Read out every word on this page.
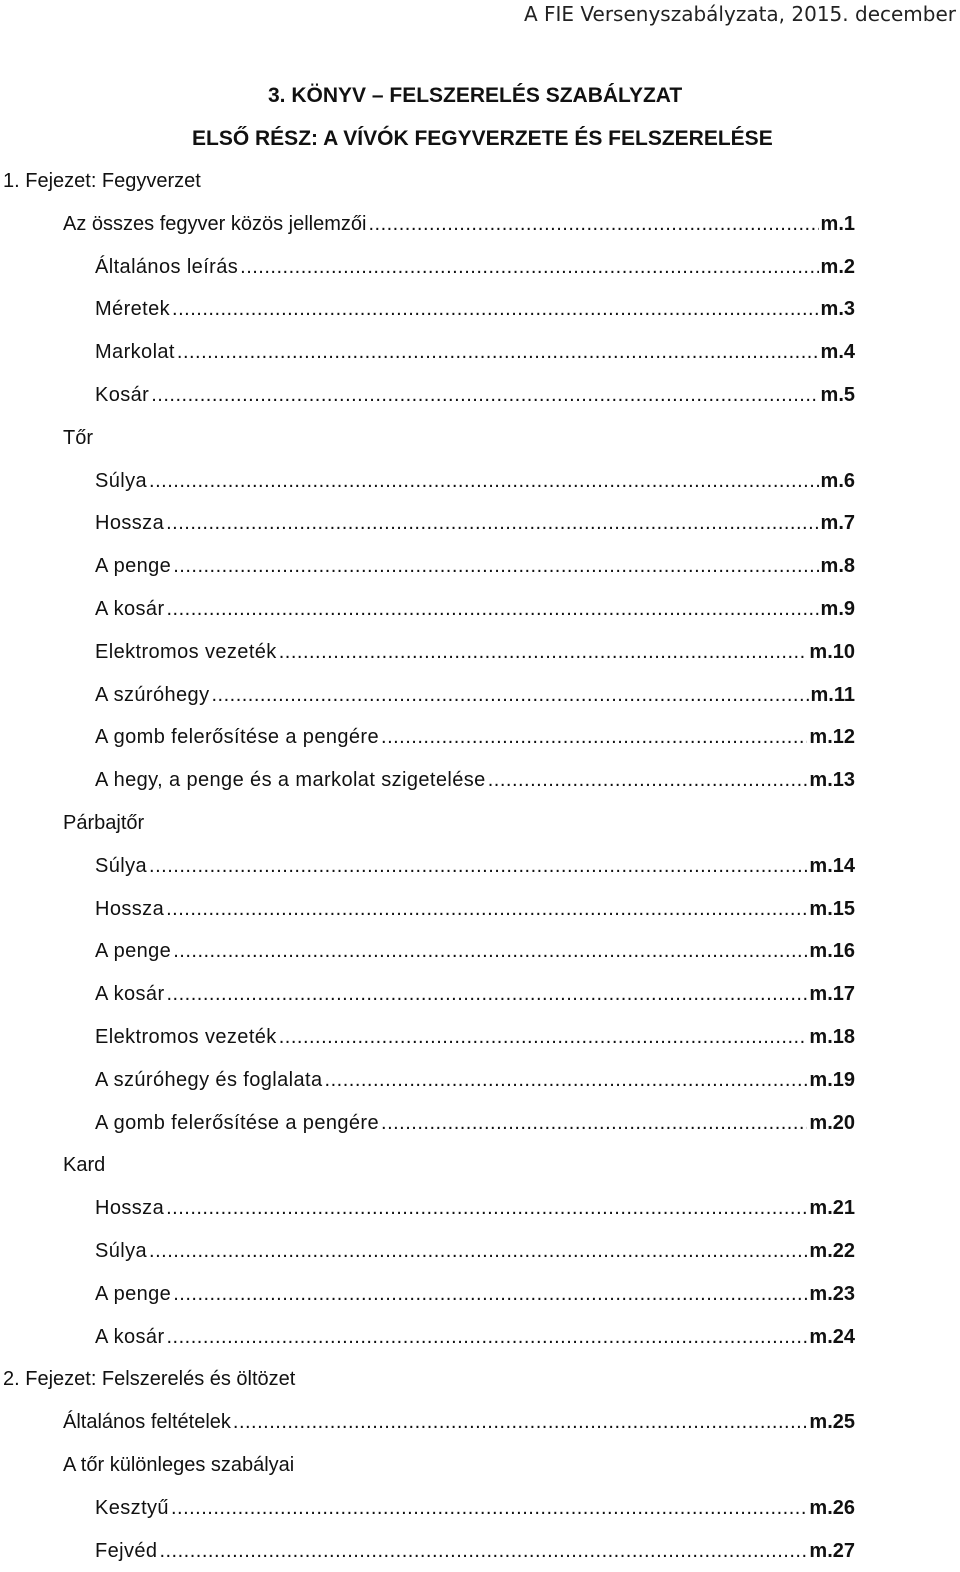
A FIE Versenyszabályzata, 2015. december
3. KÖNYV – FELSZERELÉS SZABÁLYZAT
ELSŐ RÉSZ: A VÍVÓK FEGYVERZETE ÉS FELSZERELÉSE
1. Fejezet: Fegyverzet
Az összes fegyver közös jellemzői .....	m.1
Általános leírás .....	m.2
Méretek .....	m.3
Markolat .....	m.4
Kosár .....	m.5
Tőr
Súlya .....	m.6
Hossza .....	m.7
A penge .....	m.8
A kosár .....	m.9
Elektromos vezeték .....	m.10
A szúróhegy .....	m.11
A gomb felerősítése a pengére .....	m.12
A hegy, a penge és a markolat szigetelése .....	m.13
Párbajtőr
Súlya .....	m.14
Hossza .....	m.15
A penge .....	m.16
A kosár .....	m.17
Elektromos vezeték .....	m.18
A szúróhegy és foglalata .....	m.19
A gomb felerősítése a pengére .....	m.20
Kard
Hossza .....	m.21
Súlya .....	m.22
A penge .....	m.23
A kosár .....	m.24
2. Fejezet: Felszerelés és öltözet
Általános feltételek .....	m.25
A tőr különleges szabályai
Kesztyű .....	m.26
Fejvéd .....	m.27
